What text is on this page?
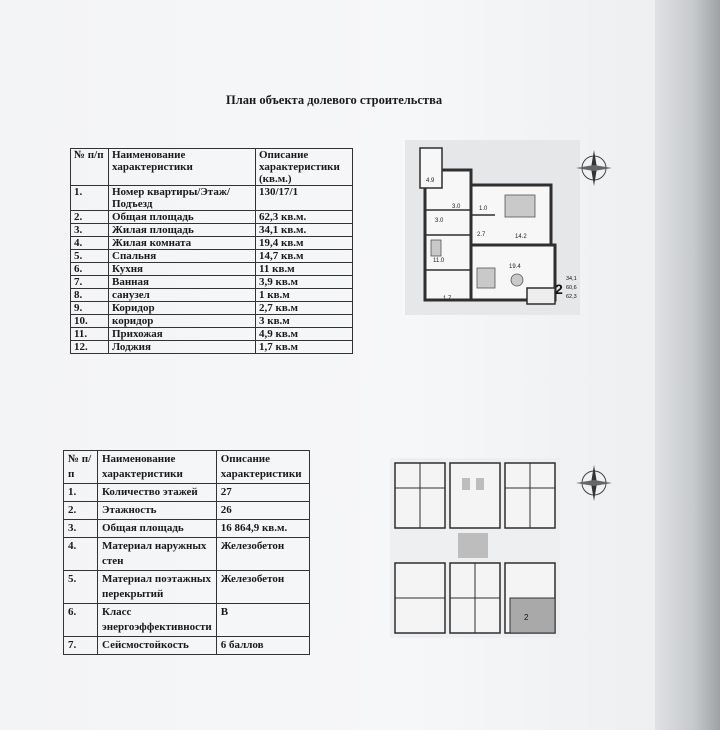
План объекта долевого строительства
№ п/п	Наименование характеристики	Описание характеристики (кв.м.)
1.	Номер квартиры/Этаж/Подъезд	130/17/1
2.	Общая площадь	62,3 кв.м.
3.	Жилая площадь	34,1 кв.м.
4.	Жилая комната	19,4 кв.м
5.	Спальня	14,7 кв.м
6.	Кухня	11 кв.м
7.	Ванная	3,9 кв.м
8.	санузел	1 кв.м
9.	Коридор	2,7 кв.м
10.	коридор	3 кв.м
11.	Прихожая	4,9 кв.м
12.	Лоджия	1,7 кв.м
№ п/п	Наименование характеристики	Описание характеристики
1.	Количество этажей	27
2.	Этажность	26
3.	Общая площадь	16 864,9 кв.м.
4.	Материал наружных стен	Железобетон
5.	Материал поэтажных перекрытий	Железобетон
6.	Класс энергоэффективности	В
7.	Сейсмостойкость	6 баллов
4.9
3.0	1.0
3.0
14.2
2.7
11.0
19.4
1.7
2
34,1
60,6
62,3
2
